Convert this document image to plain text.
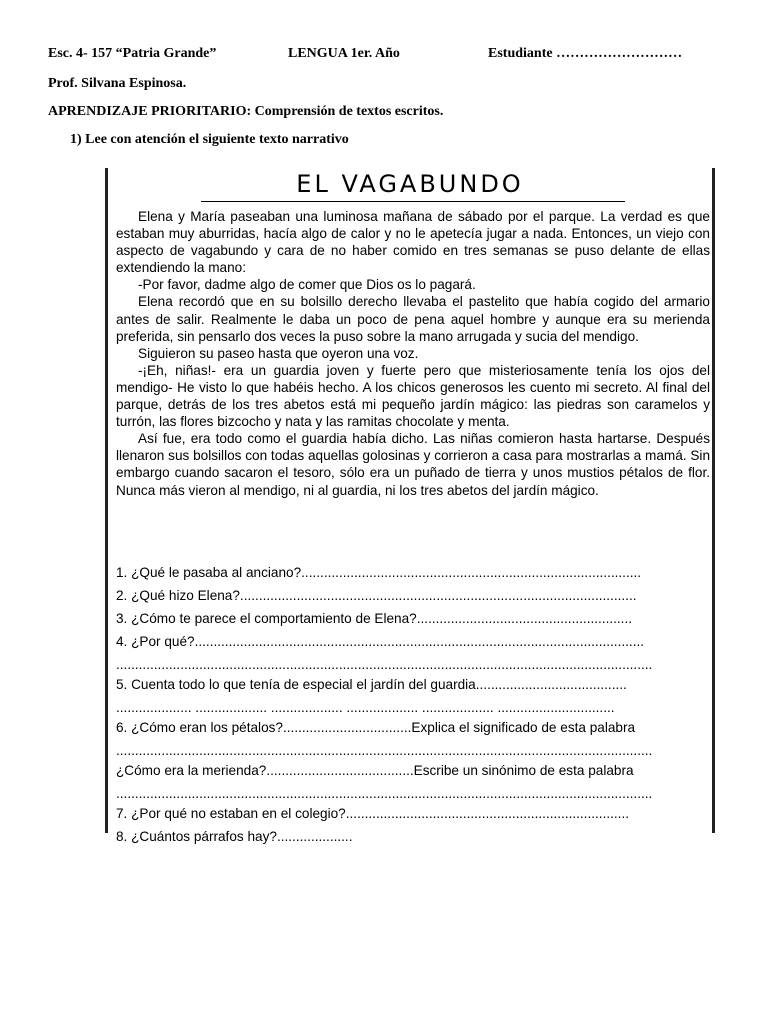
Esc. 4- 157 “Patria Grande”	LENGUA 1er. Año	Estudiante ………………………
Prof. Silvana Espinosa.
APRENDIZAJE PRIORITARIO: Comprensión de textos escritos.
1) Lee con atención el siguiente texto narrativo
EL VAGABUNDO

Elena y María paseaban una luminosa mañana de sábado por el parque. La verdad es que estaban muy aburridas, hacía algo de calor y no le apetecía jugar a nada. Entonces, un viejo con aspecto de vagabundo y cara de no haber comido en tres semanas se puso delante de ellas extendiendo la mano:

-Por favor, dadme algo de comer que Dios os lo pagará.

Elena recordó que en su bolsillo derecho llevaba el pastelito que había cogido del armario antes de salir. Realmente le daba un poco de pena aquel hombre y aunque era su merienda preferida, sin pensarlo dos veces la puso sobre la mano arrugada y sucia del mendigo.

Siguieron su paseo hasta que oyeron una voz.

-¡Eh, niñas!- era un guardia joven y fuerte pero que misteriosamente tenía los ojos del mendigo- He visto lo que habéis hecho. A los chicos generosos les cuento mi secreto. Al final del parque, detrás de los tres abetos está mi pequeño jardín mágico: las piedras son caramelos y turrón, las flores bizcocho y nata y las ramitas chocolate y menta.

Así fue, era todo como el guardia había dicho. Las niñas comieron hasta hartarse. Después llenaron sus bolsillos con todas aquellas golosinas y corrieron a casa para mostrarlas a mamá. Sin embargo cuando sacaron el tesoro, sólo era un puñado de tierra y unos mustios pétalos de flor. Nunca más vieron al mendigo, ni al guardia, ni los tres abetos del jardín mágico.

1. ¿Qué le pasaba al anciano?..........................................................................................
2. ¿Qué hizo Elena?.........................................................................................................
3. ¿Cómo te parece el comportamiento de Elena?.........................................................
4. ¿Por qué?.......................................................................................................................
..............................................................................................................................................
5. Cuenta todo lo que tenía de especial el jardín del guardia........................................
.................... ................... ................... ................... ................... ...............................
6. ¿Cómo eran los pétalos?..................................Explica el significado de esta palabra
..............................................................................................................................................
¿Cómo era la merienda?.......................................Escribe un sinónimo de esta palabra
..............................................................................................................................................
7. ¿Por qué no estaban en el colegio?...........................................................................
8. ¿Cuántos párrafos hay?....................
